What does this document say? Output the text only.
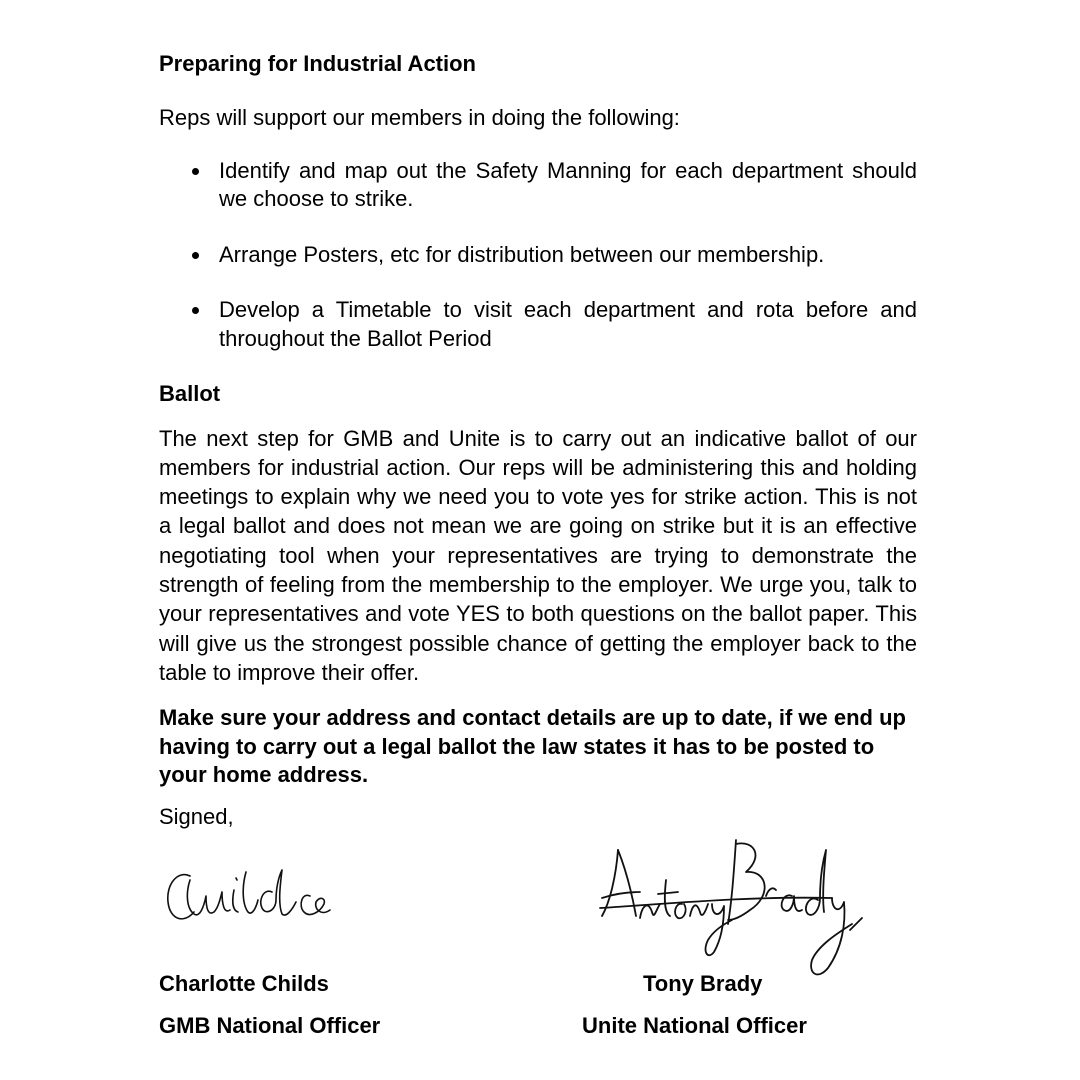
Preparing for Industrial Action

Reps will support our members in doing the following:

Identify and map out the Safety Manning for each department should we choose to strike.
Arrange Posters, etc for distribution between our membership.
Develop a Timetable to visit each department and rota before and throughout the Ballot Period
Ballot

The next step for GMB and Unite is to carry out an indicative ballot of our members for industrial action. Our reps will be administering this and holding meetings to explain why we need you to vote yes for strike action. This is not a legal ballot and does not mean we are going on strike but it is an effective negotiating tool when your representatives are trying to demonstrate the strength of feeling from the membership to the employer. We urge you, talk to your representatives and vote YES to both questions on the ballot paper. This will give us the strongest possible chance of getting the employer back to the table to improve their offer.

Make sure your address and contact details are up to date, if we end up having to carry out a legal ballot the law states it has to be posted to your home address.

Signed,

Charlotte Childs
GMB National Officer
Tony Brady
Unite National Officer
